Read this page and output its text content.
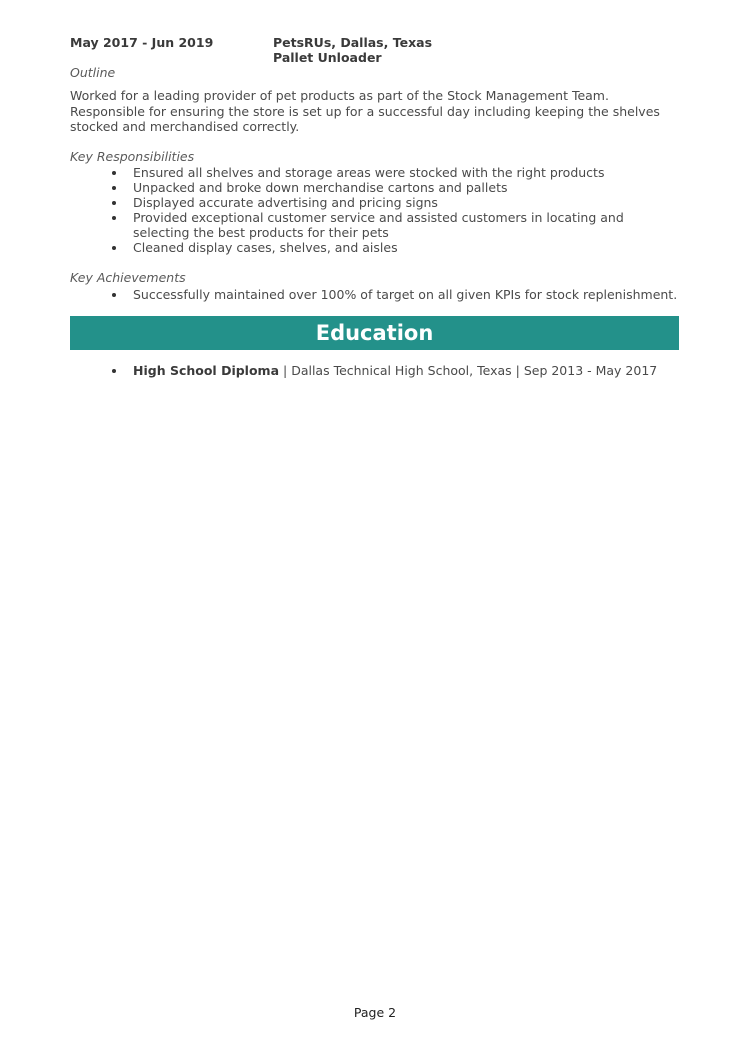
May 2017 - Jun 2019	PetsRUs, Dallas, Texas
Pallet Unloader
Outline
Worked for a leading provider of pet products as part of the Stock Management Team. Responsible for ensuring the store is set up for a successful day including keeping the shelves stocked and merchandised correctly.
Key Responsibilities
Ensured all shelves and storage areas were stocked with the right products
Unpacked and broke down merchandise cartons and pallets
Displayed accurate advertising and pricing signs
Provided exceptional customer service and assisted customers in locating and selecting the best products for their pets
Cleaned display cases, shelves, and aisles
Key Achievements
Successfully maintained over 100% of target on all given KPIs for stock replenishment.
Education
High School Diploma | Dallas Technical High School, Texas | Sep 2013 - May 2017
Page 2
